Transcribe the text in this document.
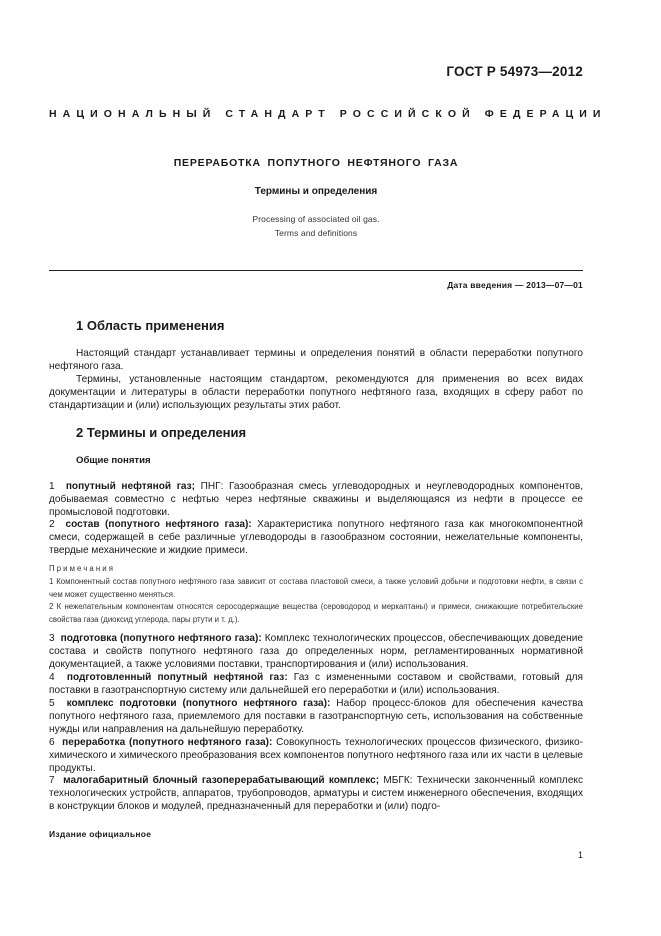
ГОСТ Р 54973—2012
НАЦИОНАЛЬНЫЙ СТАНДАРТ РОССИЙСКОЙ ФЕДЕРАЦИИ
ПЕРЕРАБОТКА ПОПУТНОГО НЕФТЯНОГО ГАЗА
Термины и определения
Processing of associated oil gas.
Terms and definitions
Дата введения — 2013—07—01
1 Область применения
Настоящий стандарт устанавливает термины и определения понятий в области переработки попутного нефтяного газа.
Термины, установленные настоящим стандартом, рекомендуются для применения во всех видах документации и литературы в области переработки попутного нефтяного газа, входящих в сферу работ по стандартизации и (или) использующих результаты этих работ.
2 Термины и определения
Общие понятия
1 попутный нефтяной газ; ПНГ: Газообразная смесь углеводородных и неуглеводородных компонентов, добываемая совместно с нефтью через нефтяные скважины и выделяющаяся из нефти в процессе ее промысловой подготовки.
2 состав (попутного нефтяного газа): Характеристика попутного нефтяного газа как многокомпонентной смеси, содержащей в себе различные углеводороды в газообразном состоянии, нежелательные компоненты, твердые механические и жидкие примеси.
Примечания
1 Компонентный состав попутного нефтяного газа зависит от состава пластовой смеси, а также условий добычи и подготовки нефти, в связи с чем может существенно меняться.
2 К нежелательным компонентам относятся серосодержащие вещества (сероводород и меркаптаны) и примеси, снижающие потребительские свойства газа (диоксид углерода, пары ртути и т. д.).
3 подготовка (попутного нефтяного газа): Комплекс технологических процессов, обеспечивающих доведение состава и свойств попутного нефтяного газа до определенных норм, регламентированных нормативной документацией, а также условиями поставки, транспортирования и (или) использования.
4 подготовленный попутный нефтяной газ: Газ с измененными составом и свойствами, готовый для поставки в газотранспортную систему или дальнейшей его переработки и (или) использования.
5 комплекс подготовки (попутного нефтяного газа): Набор процесс-блоков для обеспечения качества попутного нефтяного газа, приемлемого для поставки в газотранспортную сеть, использования на собственные нужды или направления на дальнейшую переработку.
6 переработка (попутного нефтяного газа): Совокупность технологических процессов физического, физико-химического и химического преобразования всех компонентов попутного нефтяного газа или их части в целевые продукты.
7 малогабаритный блочный газоперерабатывающий комплекс; МБГК: Технически законченный комплекс технологических устройств, аппаратов, трубопроводов, арматуры и систем инженерного обеспечения, входящих в конструкции блоков и модулей, предназначенный для переработки и (или) подго-
Издание официальное
1
